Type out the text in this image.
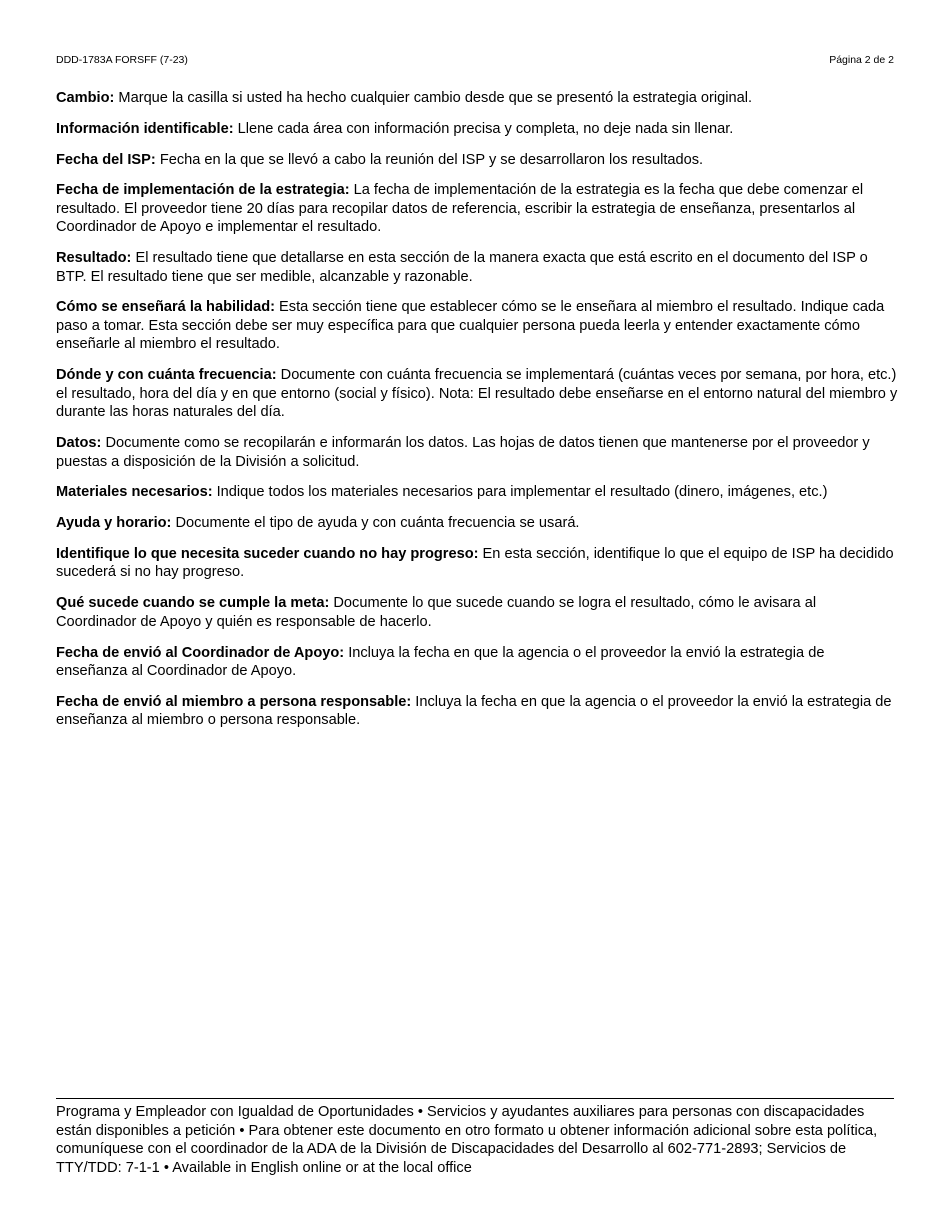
DDD-1783A FORSFF (7-23)	Página 2 de 2

Cambio: Marque la casilla si usted ha hecho cualquier cambio desde que se presentó la estrategia original.

Información identificable: Llene cada área con información precisa y completa, no deje nada sin llenar.

Fecha del ISP: Fecha en la que se llevó a cabo la reunión del ISP y se desarrollaron los resultados.

Fecha de implementación de la estrategia: La fecha de implementación de la estrategia es la fecha que debe comenzar el resultado. El proveedor tiene 20 días para recopilar datos de referencia, escribir la estrategia de enseñanza, presentarlos al Coordinador de Apoyo e implementar el resultado.

Resultado: El resultado tiene que detallarse en esta sección de la manera exacta que está escrito en el documento del ISP o BTP. El resultado tiene que ser medible, alcanzable y razonable.

Cómo se enseñará la habilidad: Esta sección tiene que establecer cómo se le enseñara al miembro el resultado. Indique cada paso a tomar. Esta sección debe ser muy específica para que cualquier persona pueda leerla y entender exactamente cómo enseñarle al miembro el resultado.

Dónde y con cuánta frecuencia: Documente con cuánta frecuencia se implementará (cuántas veces por semana, por hora, etc.) el resultado, hora del día y en que entorno (social y físico). Nota: El resultado debe enseñarse en el entorno natural del miembro y durante las horas naturales del día.

Datos: Documente como se recopilarán e informarán los datos. Las hojas de datos tienen que mantenerse por el proveedor y puestas a disposición de la División a solicitud.

Materiales necesarios: Indique todos los materiales necesarios para implementar el resultado (dinero, imágenes, etc.)

Ayuda y horario: Documente el tipo de ayuda y con cuánta frecuencia se usará.

Identifique lo que necesita suceder cuando no hay progreso: En esta sección, identifique lo que el equipo de ISP ha decidido sucederá si no hay progreso.

Qué sucede cuando se cumple la meta: Documente lo que sucede cuando se logra el resultado, cómo le avisara al Coordinador de Apoyo y quién es responsable de hacerlo.

Fecha de envió al Coordinador de Apoyo: Incluya la fecha en que la agencia o el proveedor la envió la estrategia de enseñanza al Coordinador de Apoyo.

Fecha de envió al miembro a persona responsable: Incluya la fecha en que la agencia o el proveedor la envió la estrategia de enseñanza al miembro o persona responsable.

Programa y Empleador con Igualdad de Oportunidades • Servicios y ayudantes auxiliares para personas con discapacidades están disponibles a petición • Para obtener este documento en otro formato u obtener información adicional sobre esta política, comuníquese con el coordinador de la ADA de la División de Discapacidades del Desarrollo al 602-771-2893; Servicios de TTY/TDD: 7-1-1 • Available in English online or at the local office
